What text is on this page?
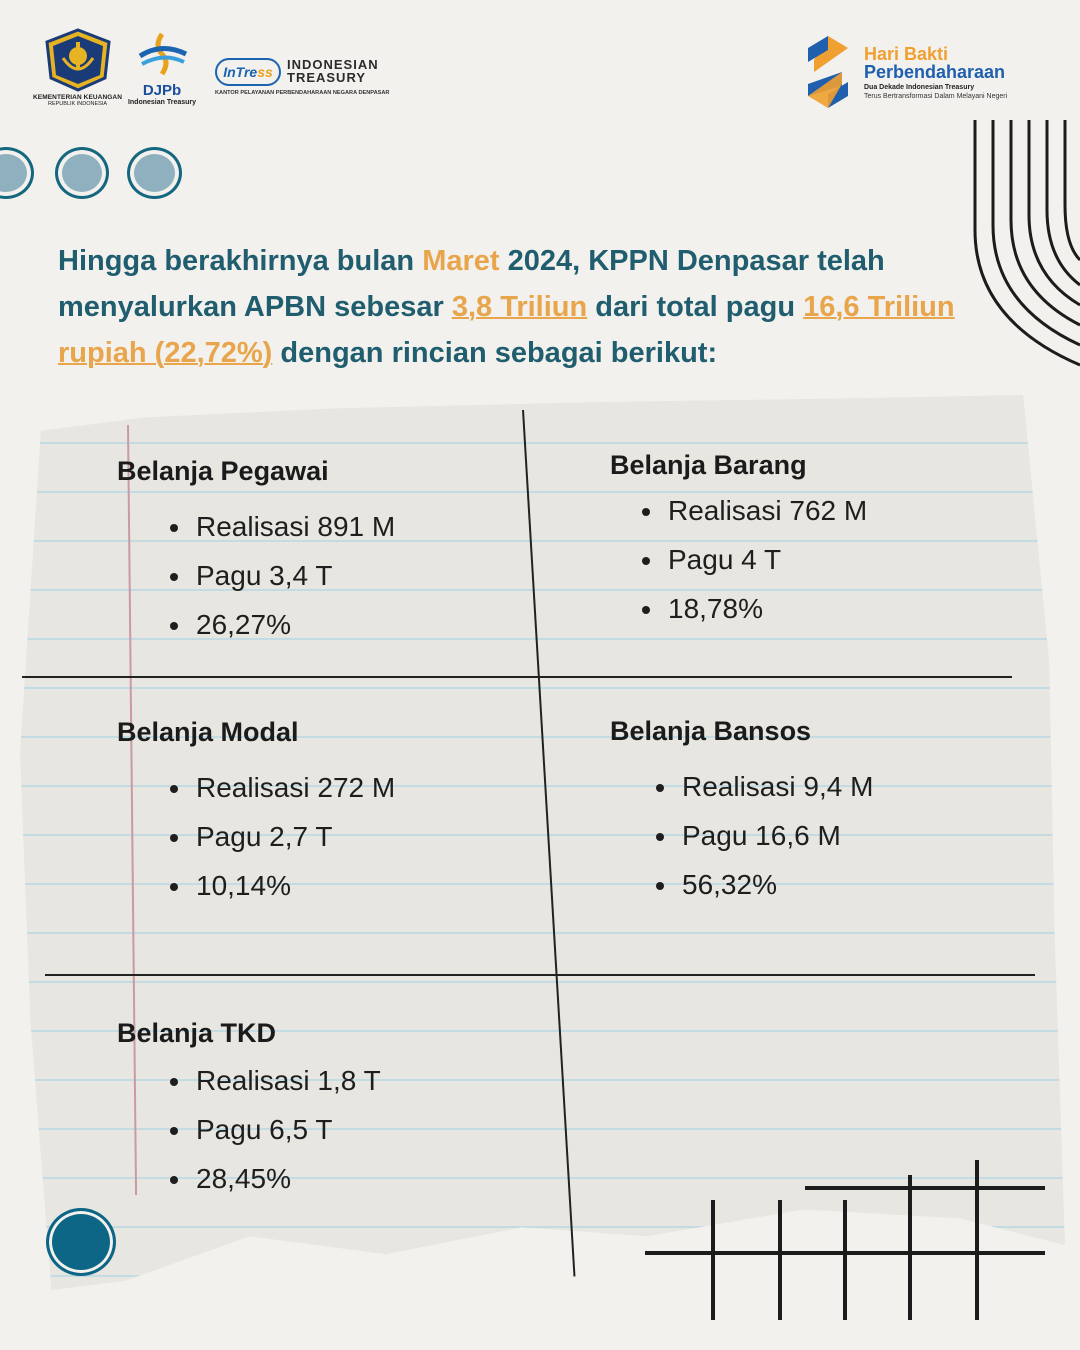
KEMENTERIAN KEUANGAN
REPUBLIK INDONESIA
DJPb
Indonesian Treasury
InTress	INDONESIAN
TREASURY
KANTOR PELAYANAN PERBENDAHARAAN NEGARA DENPASAR
Hari Bakti
Perbendaharaan
Dua Dekade Indonesian Treasury
Terus Bertransformasi Dalam Melayani Negeri
Hingga berakhirnya bulan Maret 2024, KPPN Denpasar telah menyalurkan APBN sebesar 3,8 Triliun dari total pagu 16,6 Triliun rupiah (22,72%) dengan rincian sebagai berikut:
Belanja Pegawai
Realisasi 891 M
Pagu 3,4 T
26,27%
Belanja Barang
Realisasi 762 M
Pagu 4 T
18,78%
Belanja Modal
Realisasi 272 M
Pagu 2,7 T
10,14%
Belanja Bansos
Realisasi 9,4 M
Pagu 16,6 M
56,32%
Belanja TKD
Realisasi 1,8 T
Pagu 6,5 T
28,45%
